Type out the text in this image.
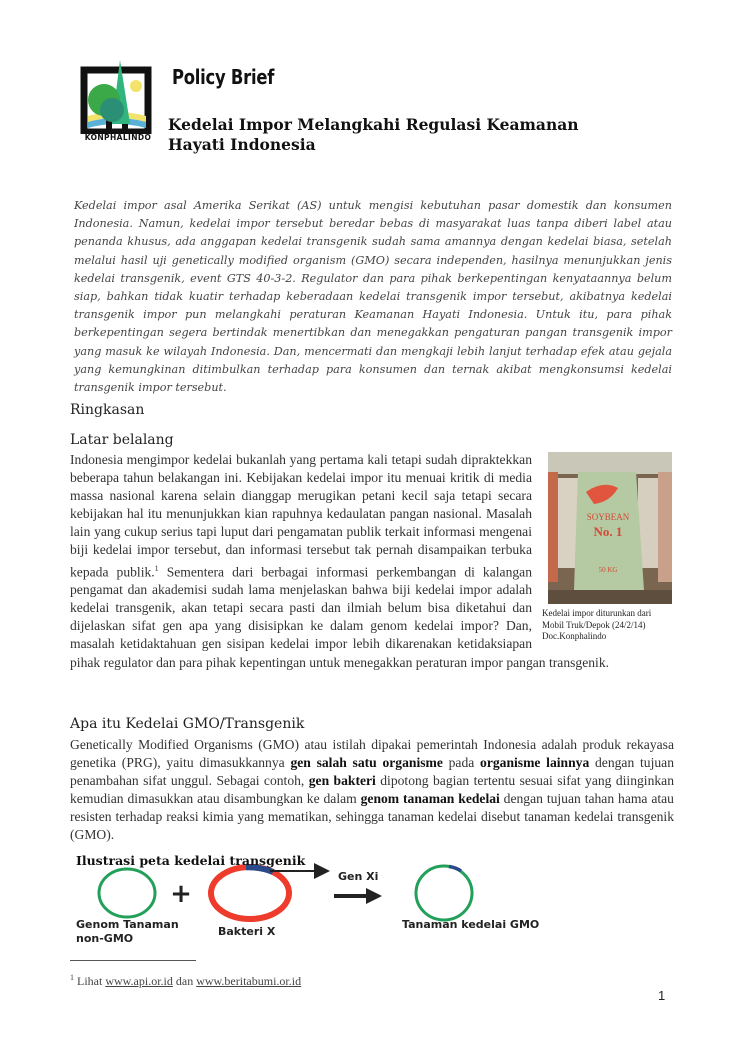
KONPHALINDO
Policy Brief
Kedelai Impor Melangkahi Regulasi Keamanan Hayati Indonesia
Kedelai impor asal Amerika Serikat (AS) untuk mengisi kebutuhan pasar domestik dan konsumen Indonesia. Namun, kedelai impor tersebut beredar bebas di masyarakat luas tanpa diberi label atau penanda khusus, ada anggapan kedelai transgenik sudah sama amannya dengan kedelai biasa, setelah melalui hasil uji genetically modified organism (GMO) secara independen, hasilnya menunjukkan jenis kedelai transgenik, event GTS 40-3-2. Regulator dan para pihak berkepentingan kenyataannya belum siap, bahkan tidak kuatir terhadap keberadaan kedelai transgenik impor tersebut, akibatnya kedelai transgenik impor pun melangkahi peraturan Keamanan Hayati Indonesia. Untuk itu, para pihak berkepentingan segera bertindak menertibkan dan menegakkan pengaturan pangan transgenik impor yang masuk ke wilayah Indonesia. Dan, mencermati dan mengkaji lebih lanjut terhadap efek atau gejala yang kemungkinan ditimbulkan terhadap para konsumen dan ternak akibat mengkonsumsi kedelai transgenik impor tersebut.
Ringkasan
Latar belalang
SOYBEAN
No. 1
50 KG
Kedelai impor diturunkan dari Mobil Truk/Depok (24/2/14) Doc.Konphalindo
Indonesia mengimpor kedelai bukanlah yang pertama kali tetapi sudah dipraktekkan beberapa tahun belakangan ini. Kebijakan kedelai impor itu menuai kritik di media massa nasional karena selain dianggap merugikan petani kecil saja tetapi secara kebijakan hal itu menunjukkan kian rapuhnya kedaulatan pangan nasional. Masalah lain yang cukup serius tapi luput dari pengamatan publik terkait informasi mengenai biji kedelai impor tersebut, dan informasi tersebut tak pernah disampaikan terbuka kepada publik.$^1$ Sementera dari berbagai informasi perkembangan di kalangan pengamat dan akademisi sudah lama menjelaskan bahwa biji kedelai impor adalah kedelai transgenik, akan tetapi secara pasti dan ilmiah belum bisa diketahui dan dijelaskan sifat gen apa yang disisipkan ke dalam genom kedelai impor? Dan, masalah ketidaktahuan gen sisipan kedelai impor lebih dikarenakan ketidaksiapan pihak regulator dan para pihak kepentingan untuk menegakkan peraturan impor pangan transgenik.
Apa itu Kedelai GMO/Transgenik
Genetically Modified Organisms (GMO) atau istilah dipakai pemerintah Indonesia adalah produk rekayasa genetika (PRG), yaitu dimasukkannya gen salah satu organisme pada organisme lainnya dengan tujuan penambahan sifat unggul. Sebagai contoh, gen bakteri dipotong bagian tertentu sesuai sifat yang diinginkan kemudian dimasukkan atau disambungkan ke dalam genom tanaman kedelai dengan tujuan tahan hama atau resisten terhadap reaksi kimia yang mematikan, sehingga tanaman kedelai disebut tanaman kedelai transgenik (GMO).
+
Ilustrasi peta kedelai transgenik
Genom Tanaman non-GMO
Bakteri X
Gen Xi
Tanaman kedelai GMO
$^1$ Lihat www.api.or.id dan www.beritabumi.or.id
1
